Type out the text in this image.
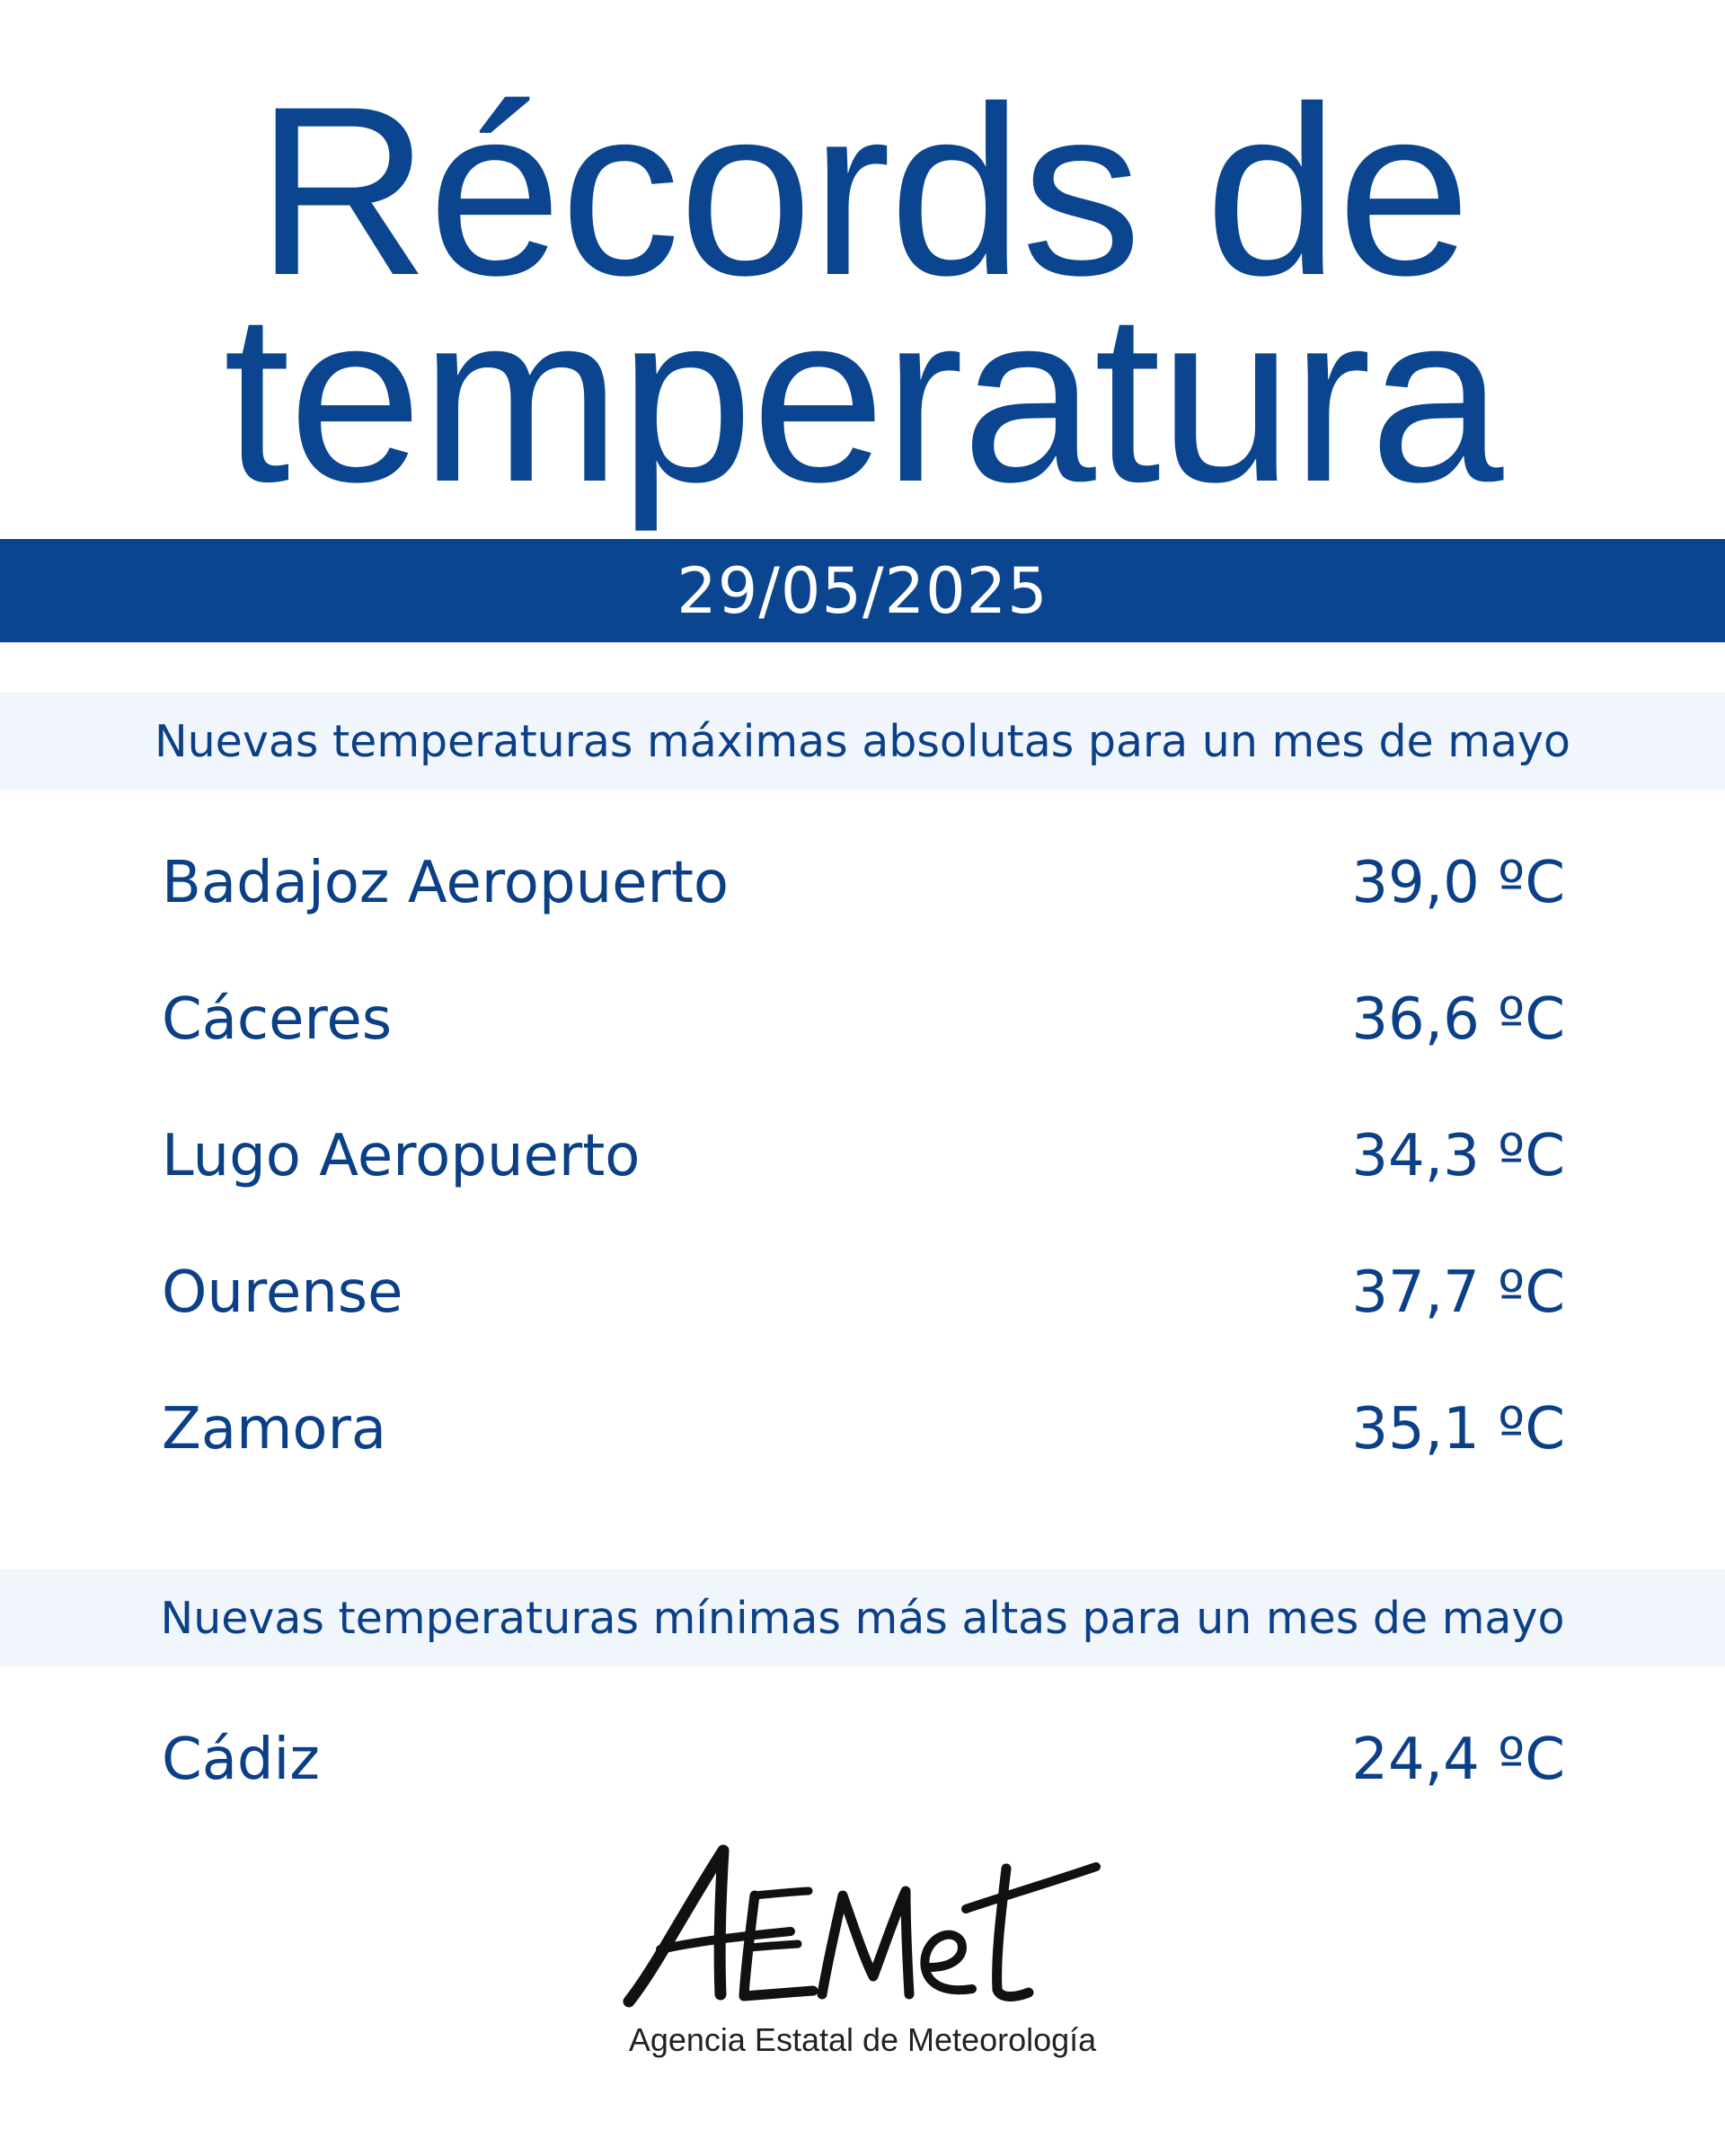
Récords de
temperatura
29/05/2025
Nuevas temperaturas máximas absolutas para un mes de mayo
Badajoz Aeropuerto	39,0 ºC
Cáceres	36,6 ºC
Lugo Aeropuerto	34,3 ºC
Ourense	37,7 ºC
Zamora	35,1 ºC
Nuevas temperaturas mínimas más altas para un mes de mayo
Cádiz	24,4 ºC
Agencia Estatal de Meteorología
